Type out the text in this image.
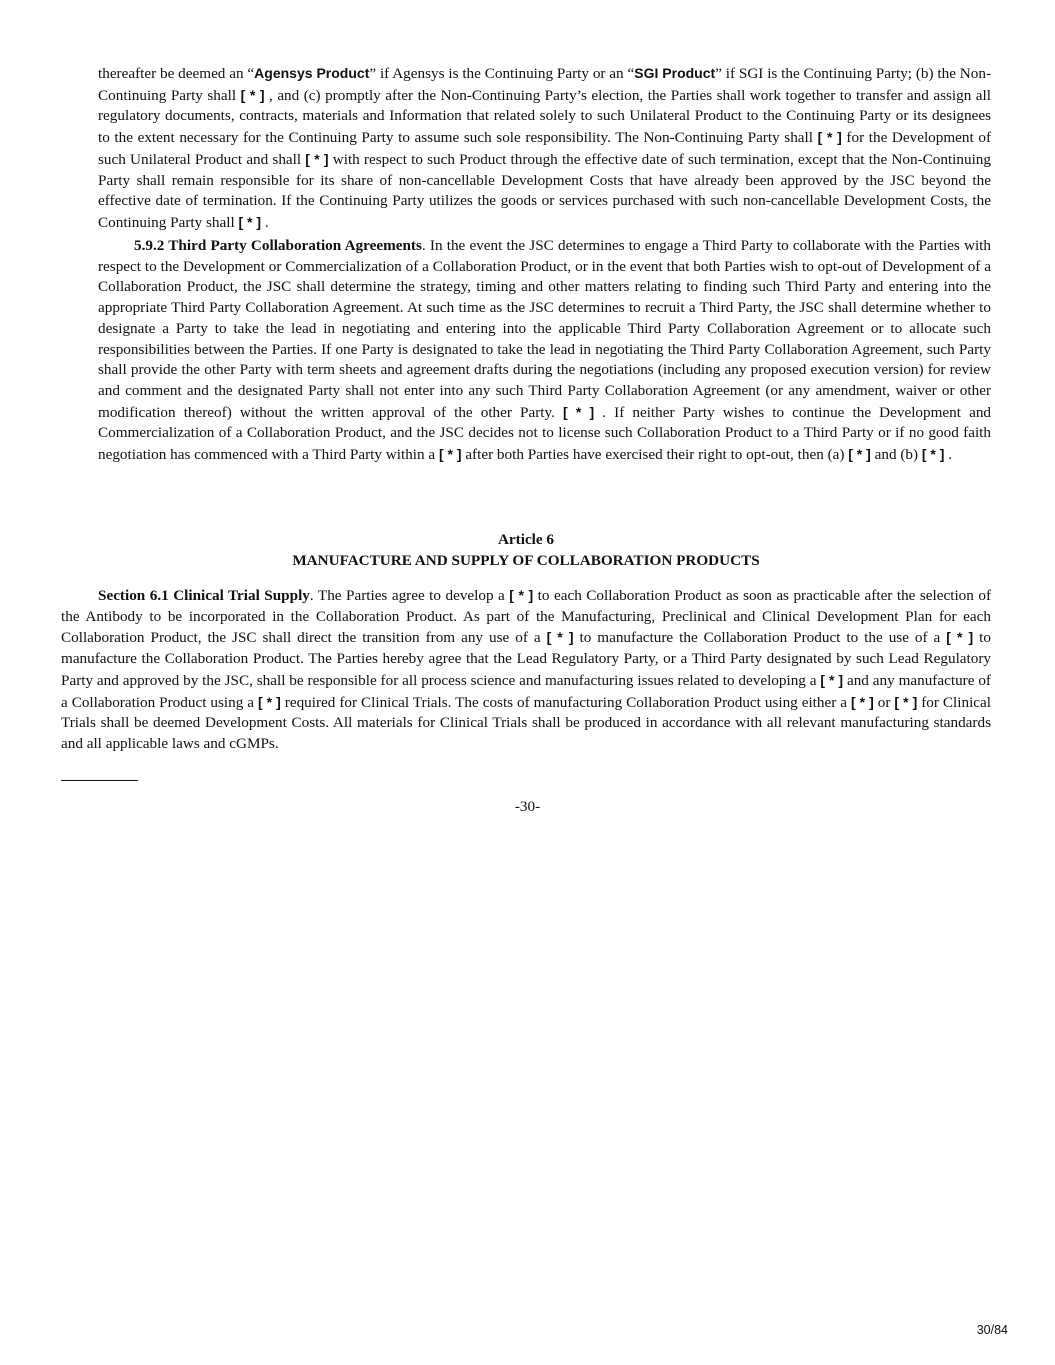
thereafter be deemed an “Agensys Product” if Agensys is the Continuing Party or an “SGI Product” if SGI is the Continuing Party; (b) the Non-Continuing Party shall [ * ] , and (c) promptly after the Non-Continuing Party’s election, the Parties shall work together to transfer and assign all regulatory documents, contracts, materials and Information that related solely to such Unilateral Product to the Continuing Party or its designees to the extent necessary for the Continuing Party to assume such sole responsibility. The Non-Continuing Party shall [ * ] for the Development of such Unilateral Product and shall [ * ] with respect to such Product through the effective date of such termination, except that the Non-Continuing Party shall remain responsible for its share of non-cancellable Development Costs that have already been approved by the JSC beyond the effective date of termination. If the Continuing Party utilizes the goods or services purchased with such non-cancellable Development Costs, the Continuing Party shall [ * ] .

5.9.2 Third Party Collaboration Agreements. In the event the JSC determines to engage a Third Party to collaborate with the Parties with respect to the Development or Commercialization of a Collaboration Product, or in the event that both Parties wish to opt-out of Development of a Collaboration Product, the JSC shall determine the strategy, timing and other matters relating to finding such Third Party and entering into the appropriate Third Party Collaboration Agreement. At such time as the JSC determines to recruit a Third Party, the JSC shall determine whether to designate a Party to take the lead in negotiating and entering into the applicable Third Party Collaboration Agreement or to allocate such responsibilities between the Parties. If one Party is designated to take the lead in negotiating the Third Party Collaboration Agreement, such Party shall provide the other Party with term sheets and agreement drafts during the negotiations (including any proposed execution version) for review and comment and the designated Party shall not enter into any such Third Party Collaboration Agreement (or any amendment, waiver or other modification thereof) without the written approval of the other Party. [ * ] . If neither Party wishes to continue the Development and Commercialization of a Collaboration Product, and the JSC decides not to license such Collaboration Product to a Third Party or if no good faith negotiation has commenced with a Third Party within a [ * ] after both Parties have exercised their right to opt-out, then (a) [ * ] and (b) [ * ] .

Article 6
MANUFACTURE AND SUPPLY OF COLLABORATION PRODUCTS

Section 6.1 Clinical Trial Supply. The Parties agree to develop a [ * ] to each Collaboration Product as soon as practicable after the selection of the Antibody to be incorporated in the Collaboration Product. As part of the Manufacturing, Preclinical and Clinical Development Plan for each Collaboration Product, the JSC shall direct the transition from any use of a [ * ] to manufacture the Collaboration Product to the use of a [ * ] to manufacture the Collaboration Product. The Parties hereby agree that the Lead Regulatory Party, or a Third Party designated by such Lead Regulatory Party and approved by the JSC, shall be responsible for all process science and manufacturing issues related to developing a [ * ] and any manufacture of a Collaboration Product using a [ * ] required for Clinical Trials. The costs of manufacturing Collaboration Product using either a [ * ] or [ * ] for Clinical Trials shall be deemed Development Costs. All materials for Clinical Trials shall be produced in accordance with all relevant manufacturing standards and all applicable laws and cGMPs.

-30-
30/84
